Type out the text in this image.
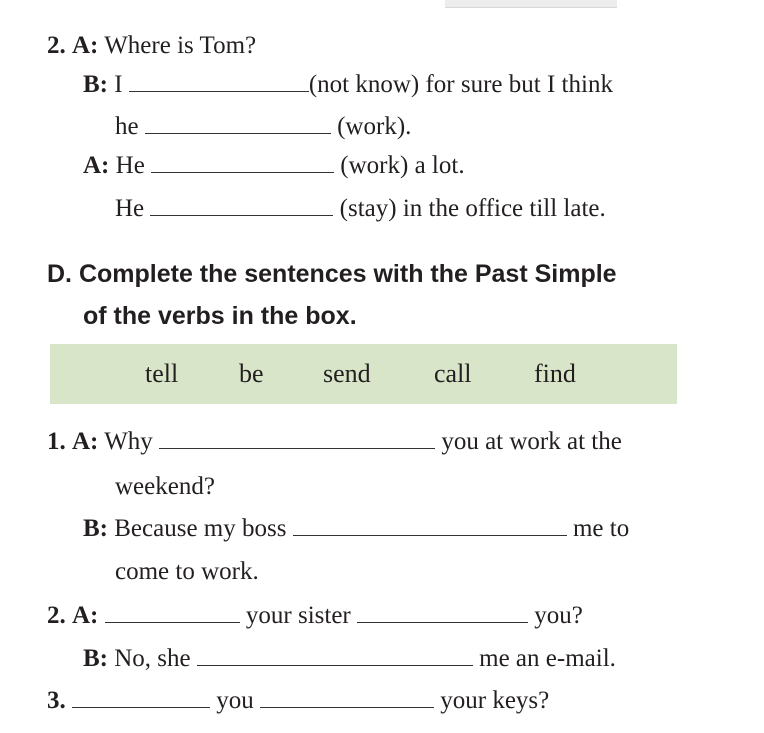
2. A: Where is Tom?
B: I	(not know) for sure but I think
he	(work).
A: He	(work) a lot.
He	(stay) in the office till late.
D. Complete the sentences with the Past Simple
of the verbs in the box.
tell be send call find
1. A: Why	you at work at the
weekend?
B: Because my boss	me to
come to work.
2. A:	your sister	you?
B: No, she	me an e-mail.
3.	you	your keys?
